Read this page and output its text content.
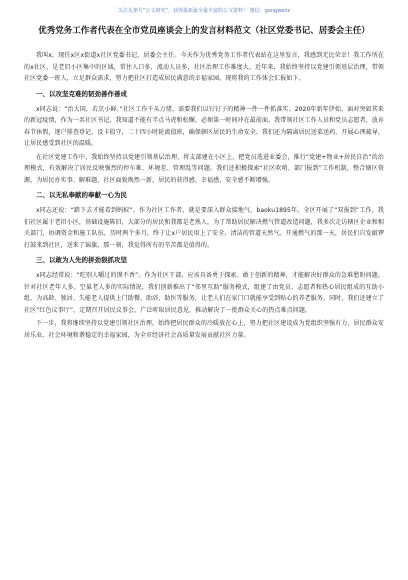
关注头条号“公文研究”，获得最新最全最丰富的公文资料！ 微信：gongwenz
优秀党务工作者代表在全市党员座谈会上的发言材料范文（社区党委书记、居委会主任）

我叫x，现任x区x街道x社区党委书记、居委会主任。今天作为优秀党务工作者代表站在这里发言，我感到无比荣幸！我工作所在的x社区，是老旧小区集中的区域，常住人口多，流动人员多，社区治理工作难度大。近年来，我始终坚持以党建引领基层治理，带领社区党委一班人，立足群众需求，努力把社区打造成居民满意的幸福家园。现将我的工作体会汇报如下。

一、以攻坚克难的韧劲善作善成

x同志说：“治大国，若烹小鲜。”社区工作千头万绪，需要我们以钉钉子的精神一件一件抓落实。2020年新年伊始，面对突如其来的新冠疫情，作为一名社区书记，我知道不能有半点马虎和松懈，必须第一时间冲在最前面。我带领社区工作人员和党员志愿者，放弃春节休假，逐户排查登记，设卡值守，二十四小时轮流值班，确保辖区居民的生命安全。我们还为隔离居民送菜送药，开展心理疏导，让居民感受到社区的温暖。

在社区党建工作中，我始终坚持以党建引领基层治理，将支部建在小区上，把党员选进业委会，推行“党建+物业+居民自治”的治理模式，有效解决了居民反映强烈的停车难、环境差、管理乱等问题。我们还积极探索“社区吹哨、部门报到”工作机制，整合辖区资源，为居民办实事、解难题，社区面貌焕然一新，居民的获得感、幸福感、安全感不断增强。

二、以无私奉献的奉献一心为民

x同志还说：“踏下去才能看到蚂蚁”。作为社区工作者，就是要深入群众接地气、baoku1895年，全区开展了“双报到”工作，我们社区属于老旧小区，基础设施陈旧，大部分的居民和我都是老熟人，为了帮助居民解决燃气管道改造问题，我多次走访辖区企业和相关部门，协调资金和施工队伍，历时两个多月，终于让x户居民用上了安全、清洁的管道天然气。开通燃气的那一天，居民们自发敲锣打鼓来到社区，送来了锦旗，那一刻，我觉得所有的辛苦都是值得的。

三、以敢为人先的拼劲狠抓攻坚

x同志经常说：“吃别人嚼过的馍不香”。作为社区干部，应该具备勇于探索、敢于创新的精神，才能解决好群众的急难愁盼问题。针对社区老年人多、空巢老人多的实际情况，我们创新推出了“邻里互助”服务模式，组建了由党员、志愿者和热心居民组成的互助小组，为高龄、独居、失能老人提供上门助餐、助浴、助医等服务，让老人们在家门口就能享受到贴心的养老服务。同时，我们还建立了社区“红色议事厅”，定期召开居民议事会，广泛听取居民意见，推动解决了一批群众关心的热点难点问题。

下一步，我将继续坚持以党建引领社区治理，始终把居民群众的冷暖放在心上，努力把社区建设成为党组织坚强有力、居民群众安居乐业、社会环境和谐稳定的幸福家园，为全市经济社会高质量发展贡献社区力量。
